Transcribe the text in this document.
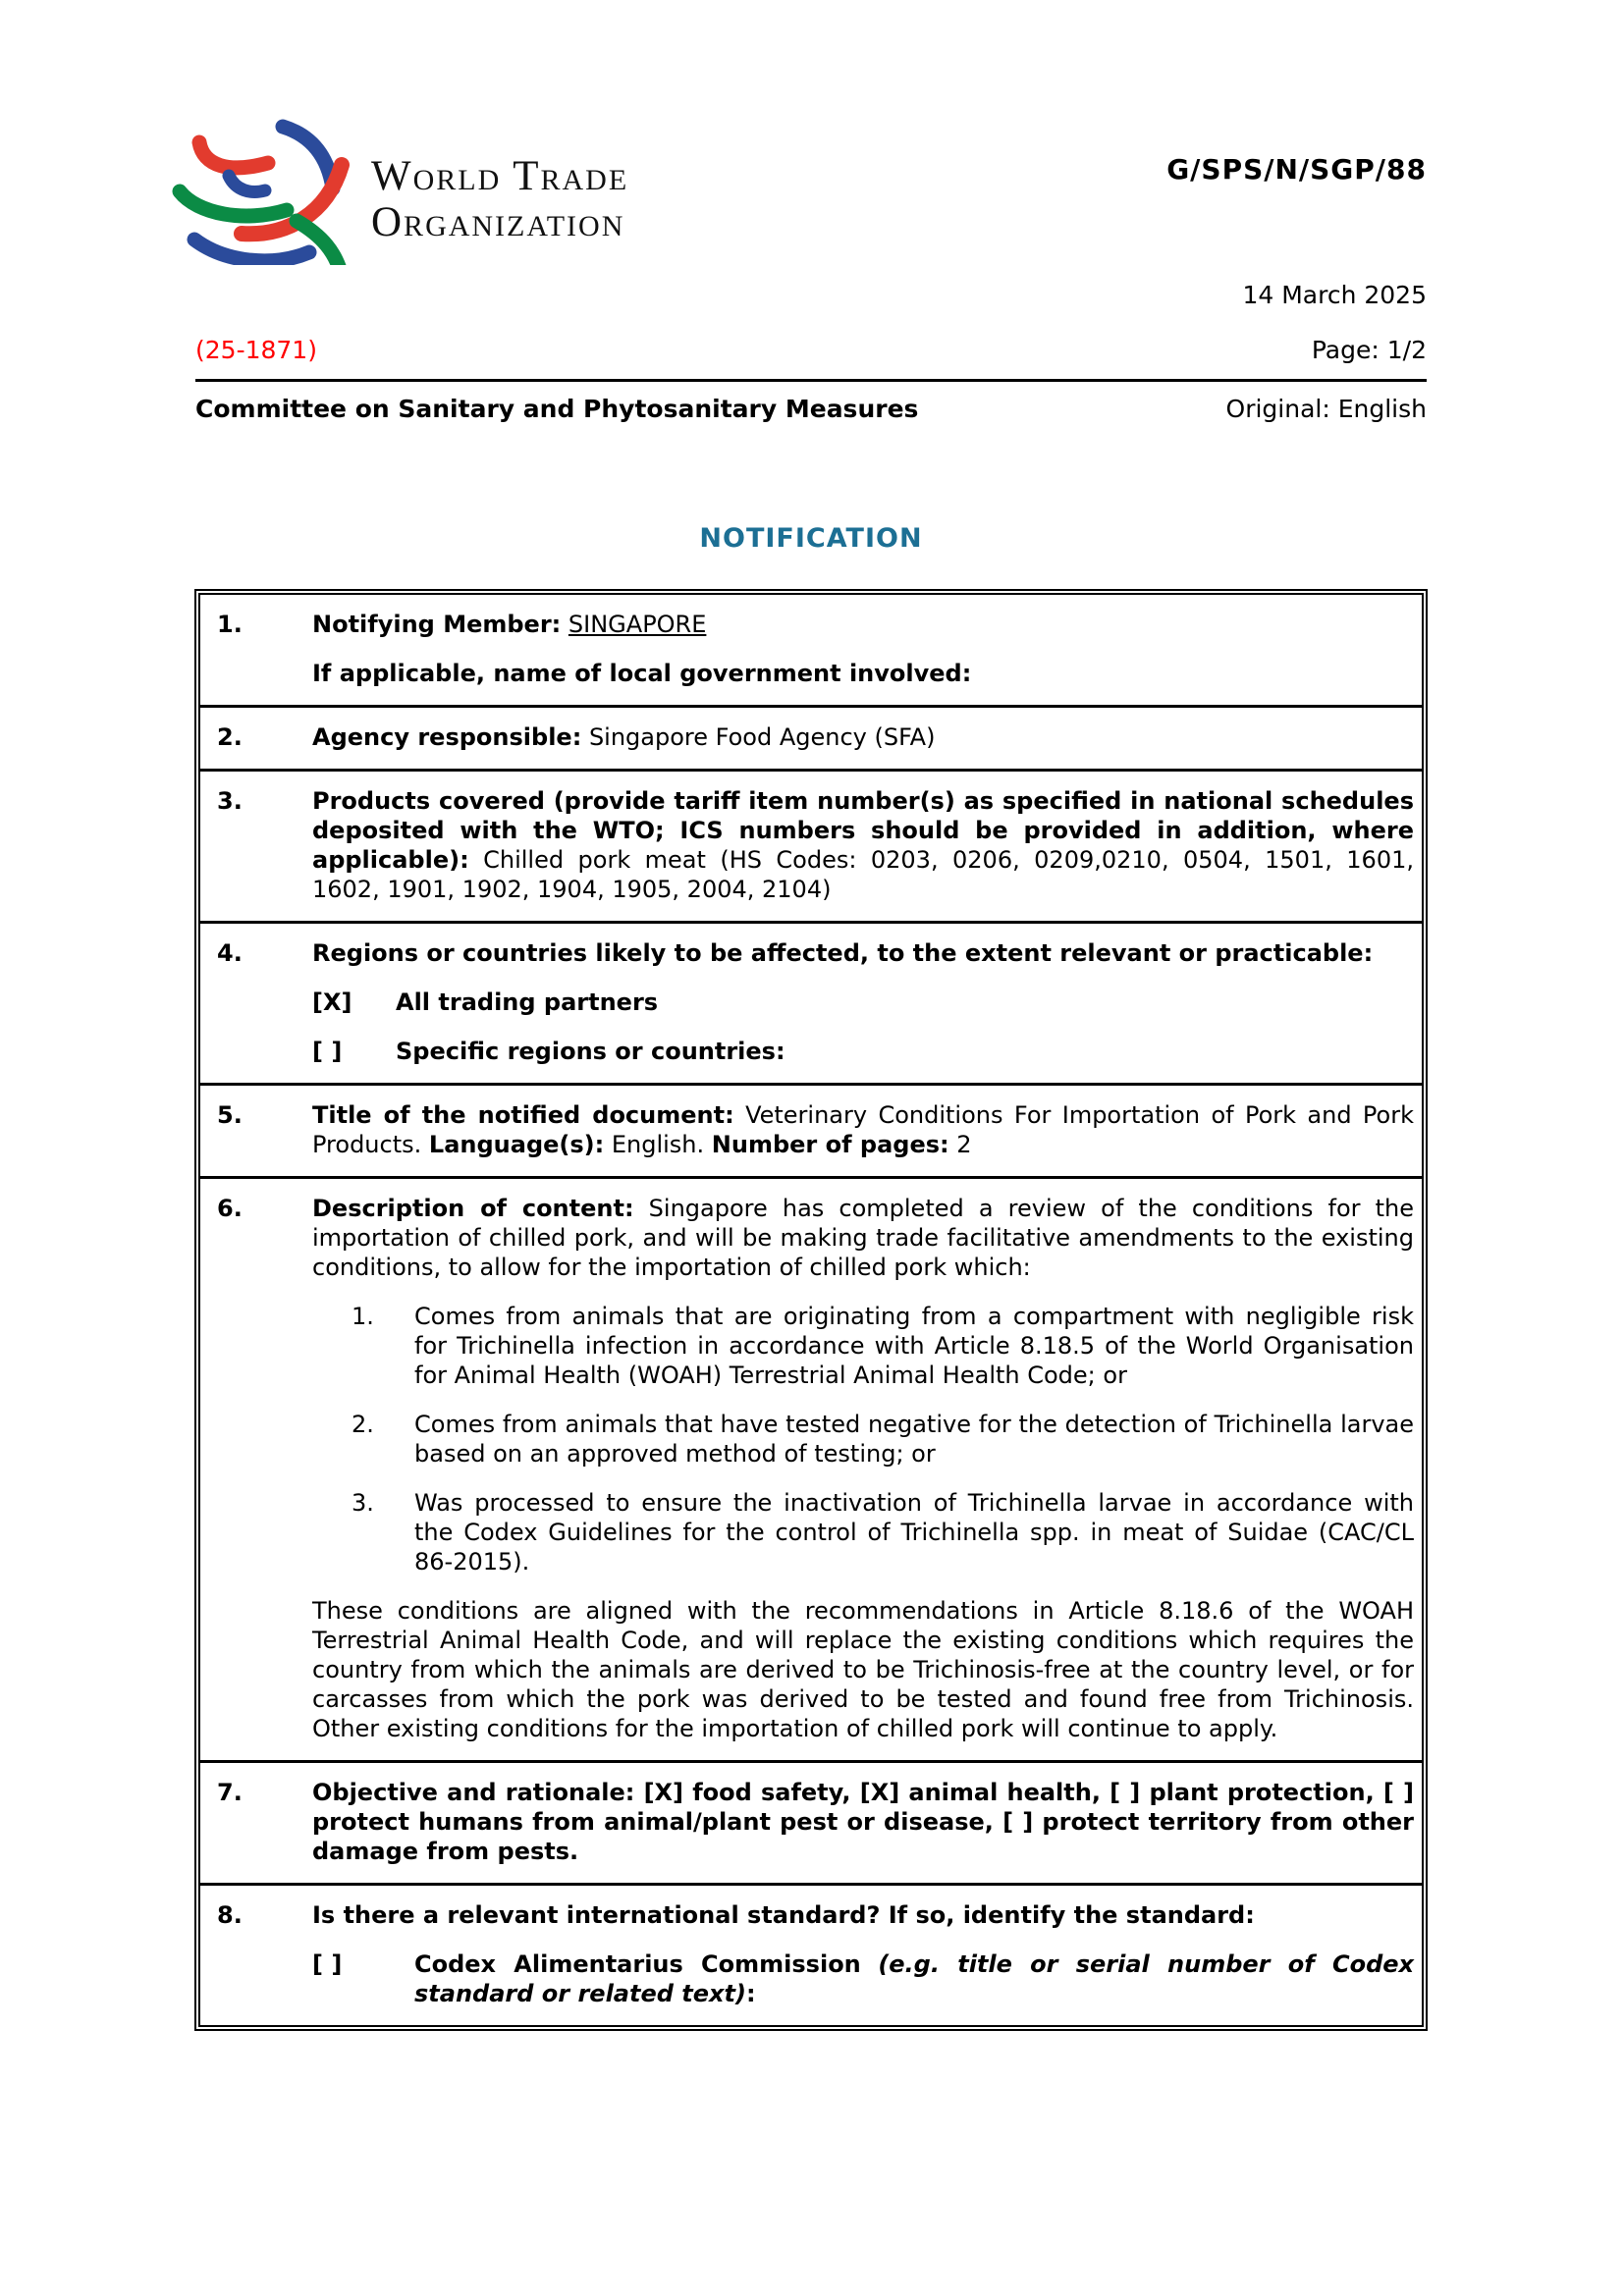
World Trade
Organization
G/SPS/N/SGP/88
14 March 2025
(25-1871)	Page: 1/2
Committee on Sanitary and Phytosanitary Measures	Original: English
NOTIFICATION
1.	Notifying Member: SINGAPORE

If applicable, name of local government involved:

2.	Agency responsible: Singapore Food Agency (SFA)

3.	Products covered (provide tariff item number(s) as specified in national schedules deposited with the WTO; ICS numbers should be provided in addition, where applicable): Chilled pork meat (HS Codes: 0203, 0206, 0209,0210, 0504, 1501, 1601, 1602, 1901, 1902, 1904, 1905, 2004, 2104)

4.	Regions or countries likely to be affected, to the extent relevant or practicable:

[X]	All trading partners
[ ]	Specific regions or countries:
5.	Title of the notified document: Veterinary Conditions For Importation of Pork and Pork Products. Language(s): English. Number of pages: 2

6.	Description of content: Singapore has completed a review of the conditions for the importation of chilled pork, and will be making trade facilitative amendments to the existing conditions, to allow for the importation of chilled pork which:

1.	Comes from animals that are originating from a compartment with negligible risk for Trichinella infection in accordance with Article 8.18.5 of the World Organisation for Animal Health (WOAH) Terrestrial Animal Health Code; or
2.	Comes from animals that have tested negative for the detection of Trichinella larvae based on an approved method of testing; or
3.	Was processed to ensure the inactivation of Trichinella larvae in accordance with the Codex Guidelines for the control of Trichinella spp. in meat of Suidae (CAC/CL 86-2015).

These conditions are aligned with the recommendations in Article 8.18.6 of the WOAH Terrestrial Animal Health Code, and will replace the existing conditions which requires the country from which the animals are derived to be Trichinosis-free at the country level, or for carcasses from which the pork was derived to be tested and found free from Trichinosis. Other existing conditions for the importation of chilled pork will continue to apply.

7.	Objective and rationale: [X] food safety, [X] animal health, [ ] plant protection, [ ] protect humans from animal/plant pest or disease, [ ] protect territory from other damage from pests.

8.	Is there a relevant international standard? If so, identify the standard:

[ ]	Codex Alimentarius Commission (e.g. title or serial number of Codex standard or related text):
